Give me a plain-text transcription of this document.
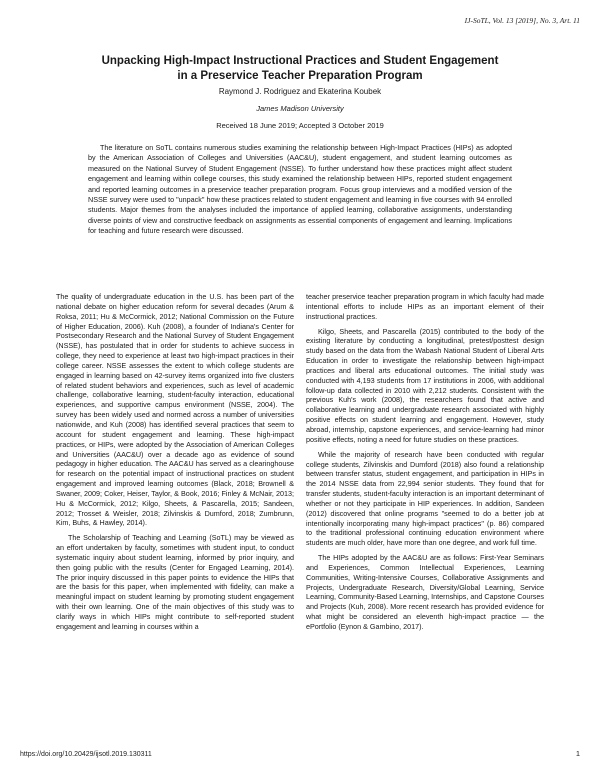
IJ-SoTL, Vol. 13 [2019], No. 3, Art. 11
Unpacking High-Impact Instructional Practices and Student Engagement
in a Preservice Teacher Preparation Program

Raymond J. Rodriguez and Ekaterina Koubek

James Madison University

Received 18 June 2019; Accepted 3 October 2019

The literature on SoTL contains numerous studies examining the relationship between High-Impact Practices (HIPs) as adopted by the American Association of Colleges and Universities (AAC&U), student engagement, and student learning outcomes as measured on the National Survey of Student Engagement (NSSE). To further understand how these practices might affect student engagement and learning within college courses, this study examined the relationship between HIPs, reported student engagement and reported learning outcomes in a preservice teacher preparation program. Focus group interviews and a modified version of the NSSE survey were used to "unpack" how these practices related to student engagement and learning in five courses with 94 enrolled students. Major themes from the analyses included the importance of applied learning, collaborative assignments, understanding diverse points of view and constructive feedback on assignments as essential components of engagement and learning. Implications for teaching and future research were discussed.

The quality of undergraduate education in the U.S. has been part of the national debate on higher education reform for several decades (Arum & Roksa, 2011; Hu & McCormick, 2012; National Commission on the Future of Higher Education, 2006). Kuh (2008), a founder of Indiana's Center for Postsecondary Research and the National Survey of Student Engagement (NSSE), has postulated that in order for students to achieve success in college, they need to experience at least two high-impact practices in their college career. NSSE assesses the extent to which college students are engaged in learning based on 42-survey items organized into five clusters of related student behaviors and experiences, such as level of academic challenge, collaborative learning, student-faculty interaction, educational experiences, and supportive campus environment (NSSE, 2004). The survey has been widely used and normed across a number of universities nationwide, and Kuh (2008) has identified several practices that seem to account for student engagement and learning. These high-impact practices, or HIPs, were adopted by the Association of American Colleges and Universities (AAC&U) over a decade ago as evidence of sound pedagogy in higher education. The AAC&U has served as a clearinghouse for research on the potential impact of instructional practices on student engagement and improved learning outcomes (Black, 2018; Brownell & Swaner, 2009; Coker, Heiser, Taylor, & Book, 2016; Finley & McNair, 2013; Hu & McCormick, 2012; Kilgo, Sheets, & Pascarella, 2015; Sandeen, 2012; Trosset & Weisler, 2018; Zilvinskis & Dumford, 2018; Zumbrunn, Kim, Buhs, & Hawley, 2014).

The Scholarship of Teaching and Learning (SoTL) may be viewed as an effort undertaken by faculty, sometimes with student input, to conduct systematic inquiry about student learning, informed by prior inquiry, and then going public with the results (Center for Engaged Learning, 2014). The prior inquiry discussed in this paper points to evidence the HIPs that are the basis for this paper, when implemented with fidelity, can make a meaningful impact on student learning by promoting student engagement with their own learning. One of the main objectives of this study was to clarify ways in which HIPs might contribute to self-reported student engagement and learning in courses within a

teacher preservice teacher preparation program in which faculty had made intentional efforts to include HIPs as an important element of their instructional practices.

Kilgo, Sheets, and Pascarella (2015) contributed to the body of the existing literature by conducting a longitudinal, pretest/posttest design study based on the data from the Wabash National Student of Liberal Arts Education in order to investigate the relationship between high-impact practices and liberal arts educational outcomes. The initial study was conducted with 4,193 students from 17 institutions in 2006, with additional follow-up data collected in 2010 with 2,212 students. Consistent with the previous Kuh's work (2008), the researchers found that active and collaborative learning and undergraduate research associated with highly positive effects on student learning and engagement. However, study abroad, internship, capstone experiences, and service-learning had minor positive effects, noting a need for future studies on these practices.

While the majority of research have been conducted with regular college students, Zilvinskis and Dumford (2018) also found a relationship between transfer status, student engagement, and participation in HIPs in the 2014 NSSE data from 22,994 senior students. They found that for transfer students, student-faculty interaction is an important determinant of whether or not they participate in HIP experiences. In addition, Sandeen (2012) discovered that online programs "seemed to do a better job at intentionally incorporating many high-impact practices" (p. 86) compared to the traditional professional continuing education environment where students are much older, have more than one degree, and work full time.

The HIPs adopted by the AAC&U are as follows: First-Year Seminars and Experiences, Common Intellectual Experiences, Learning Communities, Writing-Intensive Courses, Collaborative Assignments and Projects, Undergraduate Research, Diversity/Global Learning, Service Learning, Community-Based Learning, Internships, and Capstone Courses and Projects (Kuh, 2008). More recent research has provided evidence for what might be considered an eleventh high-impact practice — the ePortfolio (Eynon & Gambino, 2017).

https://doi.org/10.20429/ijsotl.2019.130311	1
